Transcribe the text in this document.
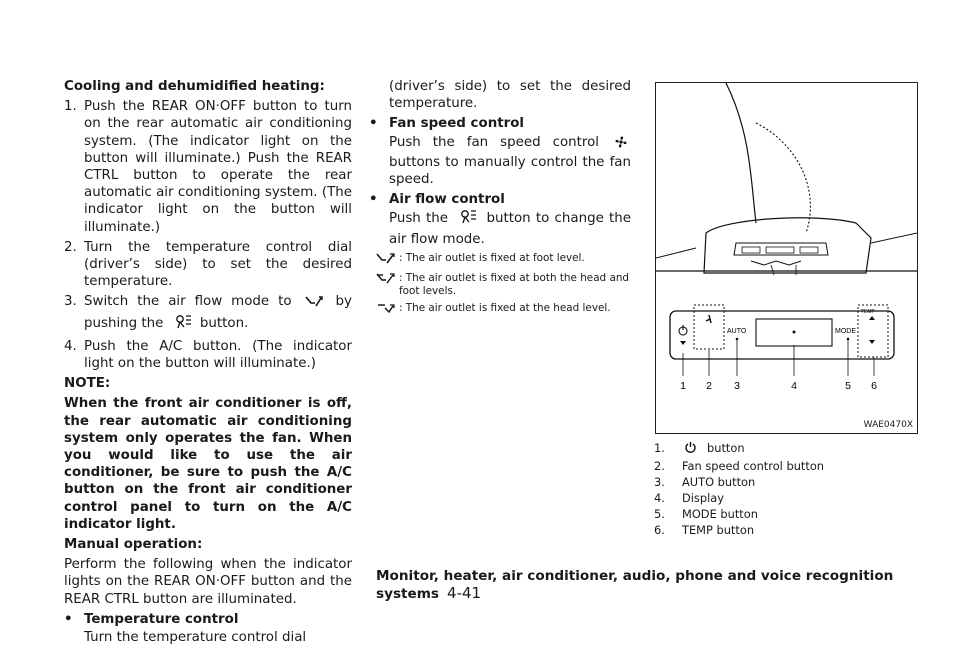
Cooling and dehumidified heating:
1. Push the REAR ON·OFF button to turn on the rear automatic air conditioning system. (The indicator light on the button will illuminate.) Push the REAR CTRL button to operate the rear automatic air conditioning system. (The indicator light on the button will illuminate.)
2. Turn the temperature control dial (driver’s side) to set the desired temperature.
3. Switch the air flow mode to	by pushing the	button.
4. Push the A/C button. (The indicator light on the button will illuminate.)
NOTE:
When the front air conditioner is off, the rear automatic air conditioning system only operates the fan. When you would like to use the air conditioner, be sure to push the A/C button on the front air conditioner control panel to turn on the A/C indicator light.
Manual operation:
Perform the following when the indicator lights on the REAR ON·OFF button and the REAR CTRL button are illuminated.
• Temperature control
Turn the temperature control dial
(driver’s side) to set the desired temperature.
• Fan speed control
Push the fan speed control  buttons to manually control the fan speed.
• Air flow control
Push the	button to change the air flow mode.
: The air outlet is fixed at foot level.
: The air outlet is fixed at both the head and foot levels.
: The air outlet is fixed at the head level.
AUTO	MODE
TEMP
1 2 3	4	5 6
WAE0470X
1.	button
2.	Fan speed control button
3.	AUTO button
4.	Display
5.	MODE button
6.	TEMP button
Monitor, heater, air conditioner, audio, phone and voice recognition systems 4-41
